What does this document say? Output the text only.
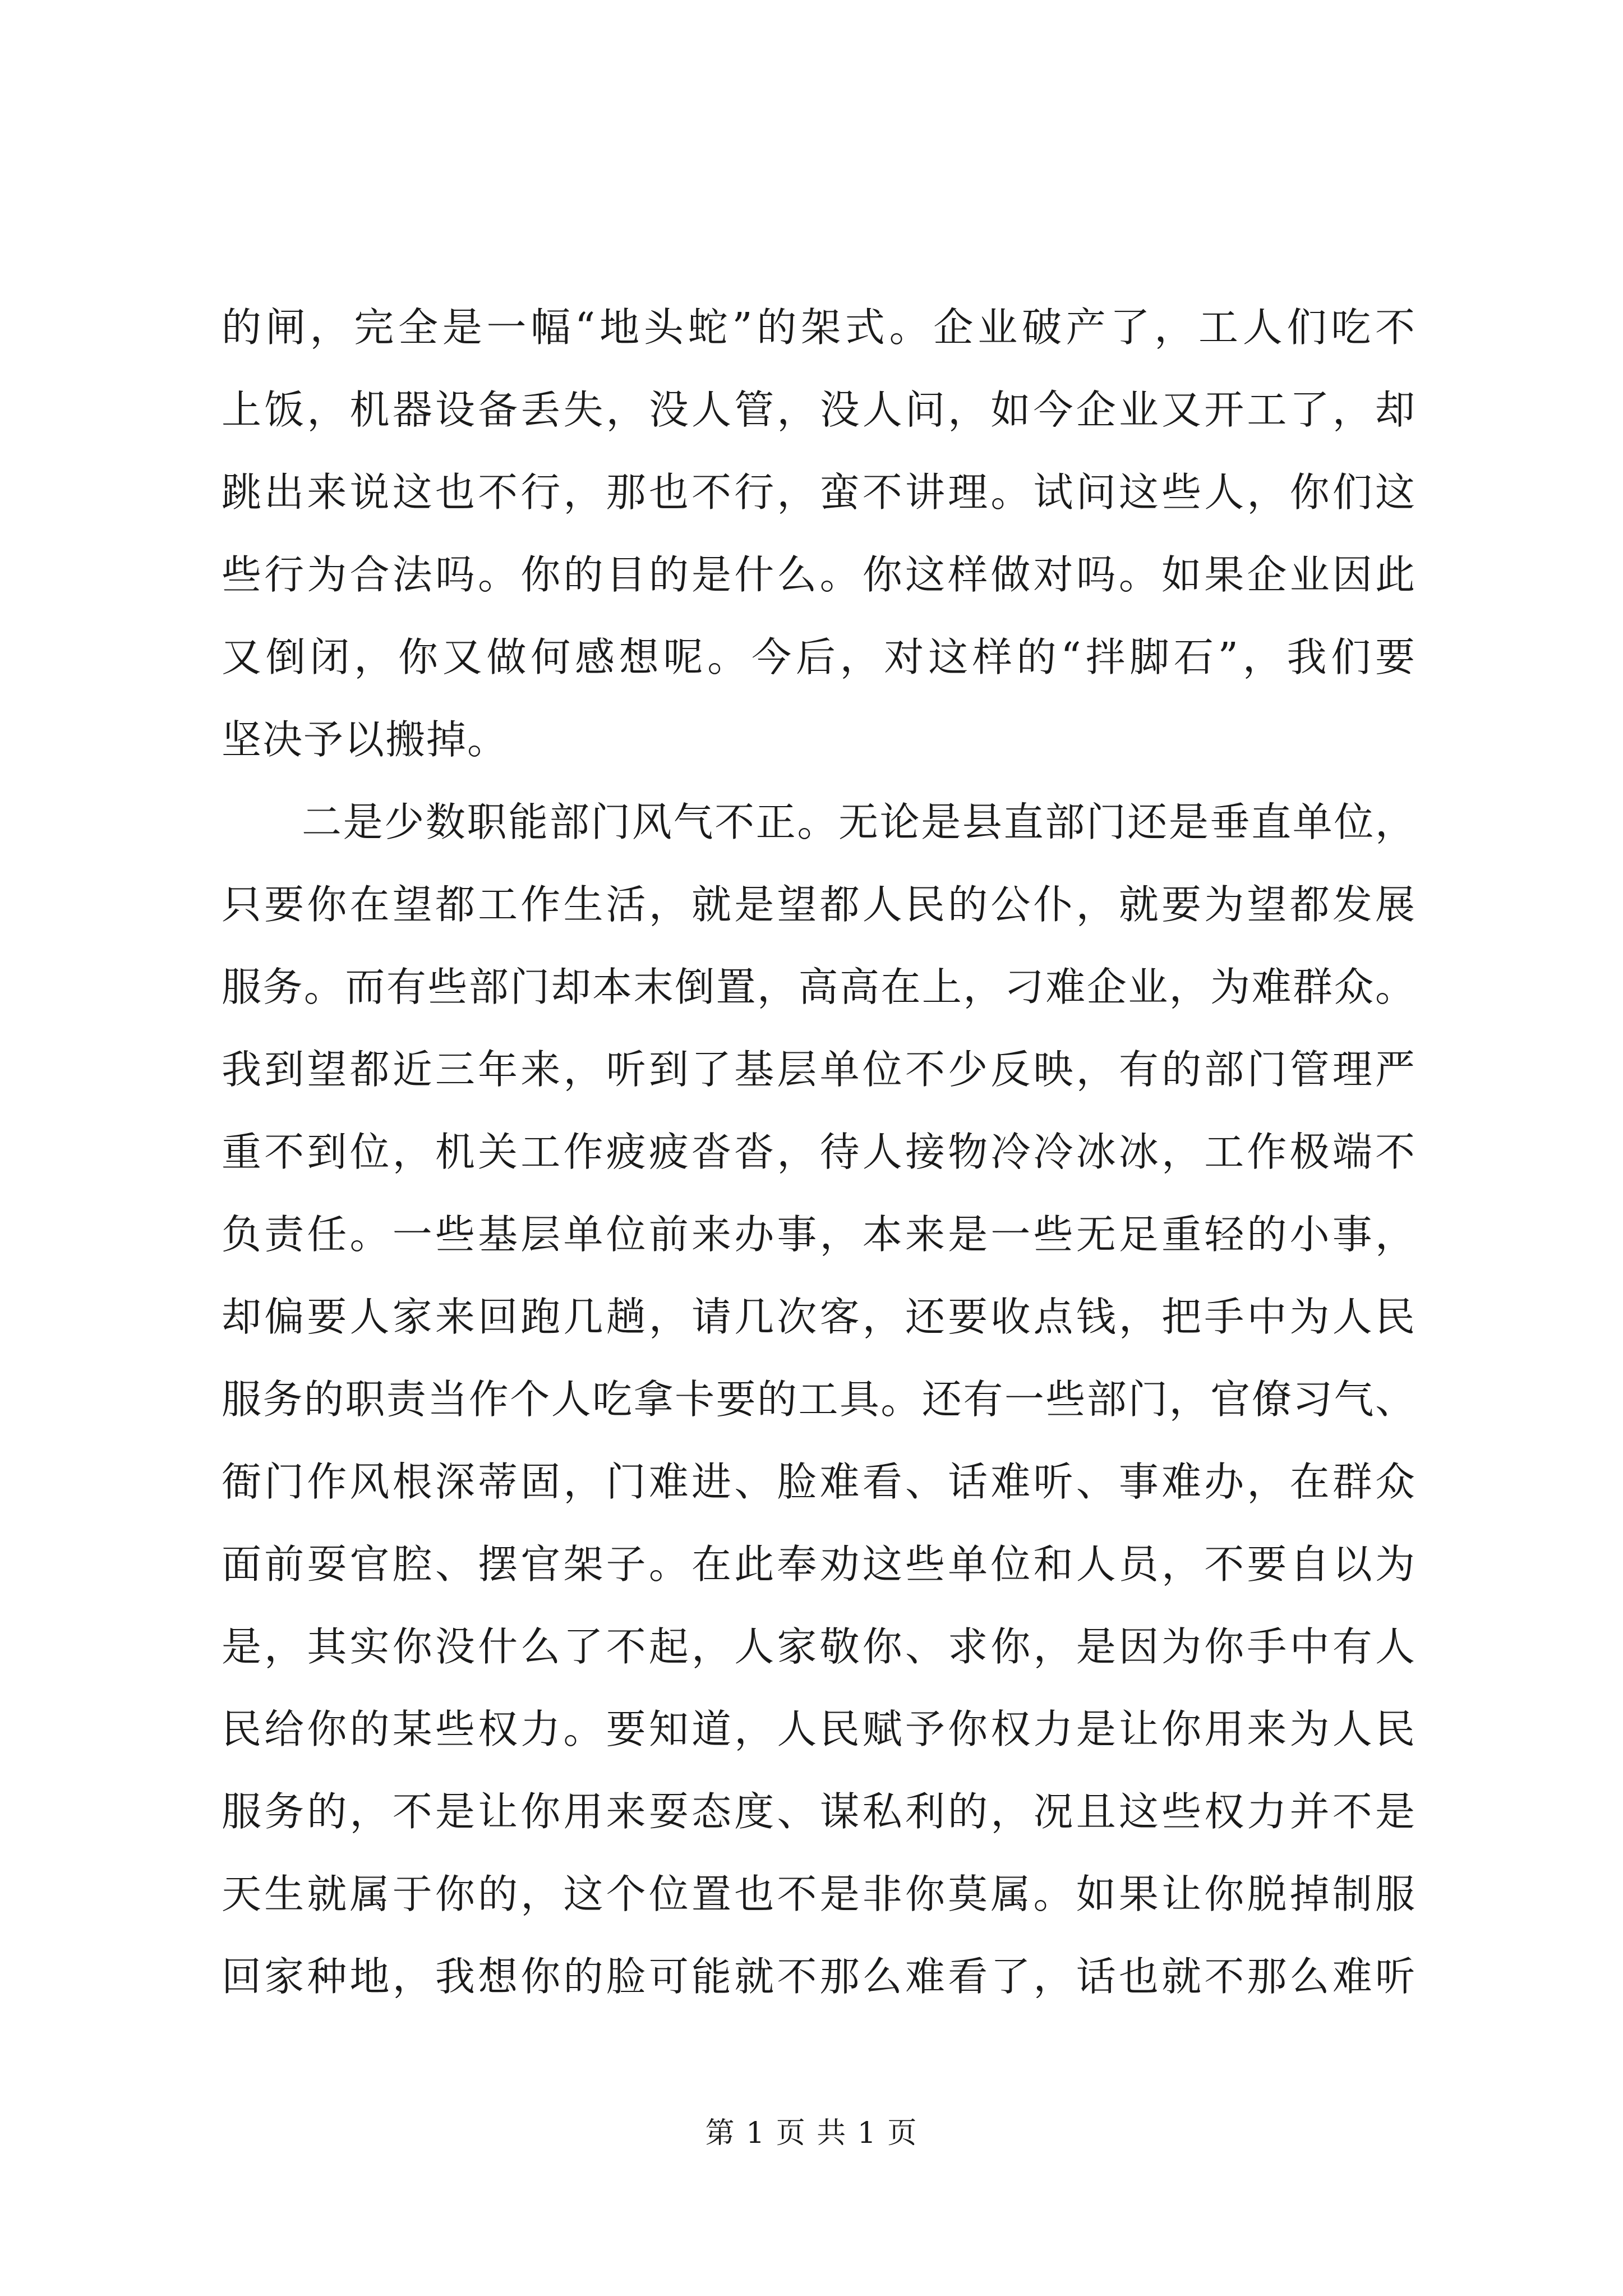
的闸，完全是一幅“地头蛇”的架式。企业破产了，工人们吃不
上饭，机器设备丢失，没人管，没人问，如今企业又开工了，却
跳出来说这也不行，那也不行，蛮不讲理。试问这些人，你们这
些行为合法吗。你的目的是什么。你这样做对吗。如果企业因此
又倒闭，你又做何感想呢。今后，对这样的“拌脚石”，我们要
坚决予以搬掉。
二是少数职能部门风气不正。无论是县直部门还是垂直单位，
只要你在望都工作生活，就是望都人民的公仆，就要为望都发展
服务。而有些部门却本末倒置，高高在上，刁难企业，为难群众。
我到望都近三年来，听到了基层单位不少反映，有的部门管理严
重不到位，机关工作疲疲沓沓，待人接物冷冷冰冰，工作极端不
负责任。一些基层单位前来办事，本来是一些无足重轻的小事，
却偏要人家来回跑几趟，请几次客，还要收点钱，把手中为人民
服务的职责当作个人吃拿卡要的工具。还有一些部门，官僚习气、
衙门作风根深蒂固，门难进、脸难看、话难听、事难办，在群众
面前耍官腔、摆官架子。在此奉劝这些单位和人员，不要自以为
是，其实你没什么了不起，人家敬你、求你，是因为你手中有人
民给你的某些权力。要知道，人民赋予你权力是让你用来为人民
服务的，不是让你用来耍态度、谋私利的，况且这些权力并不是
天生就属于你的，这个位置也不是非你莫属。如果让你脱掉制服
回家种地，我想你的脸可能就不那么难看了，话也就不那么难听
第 1 页 共 1 页
